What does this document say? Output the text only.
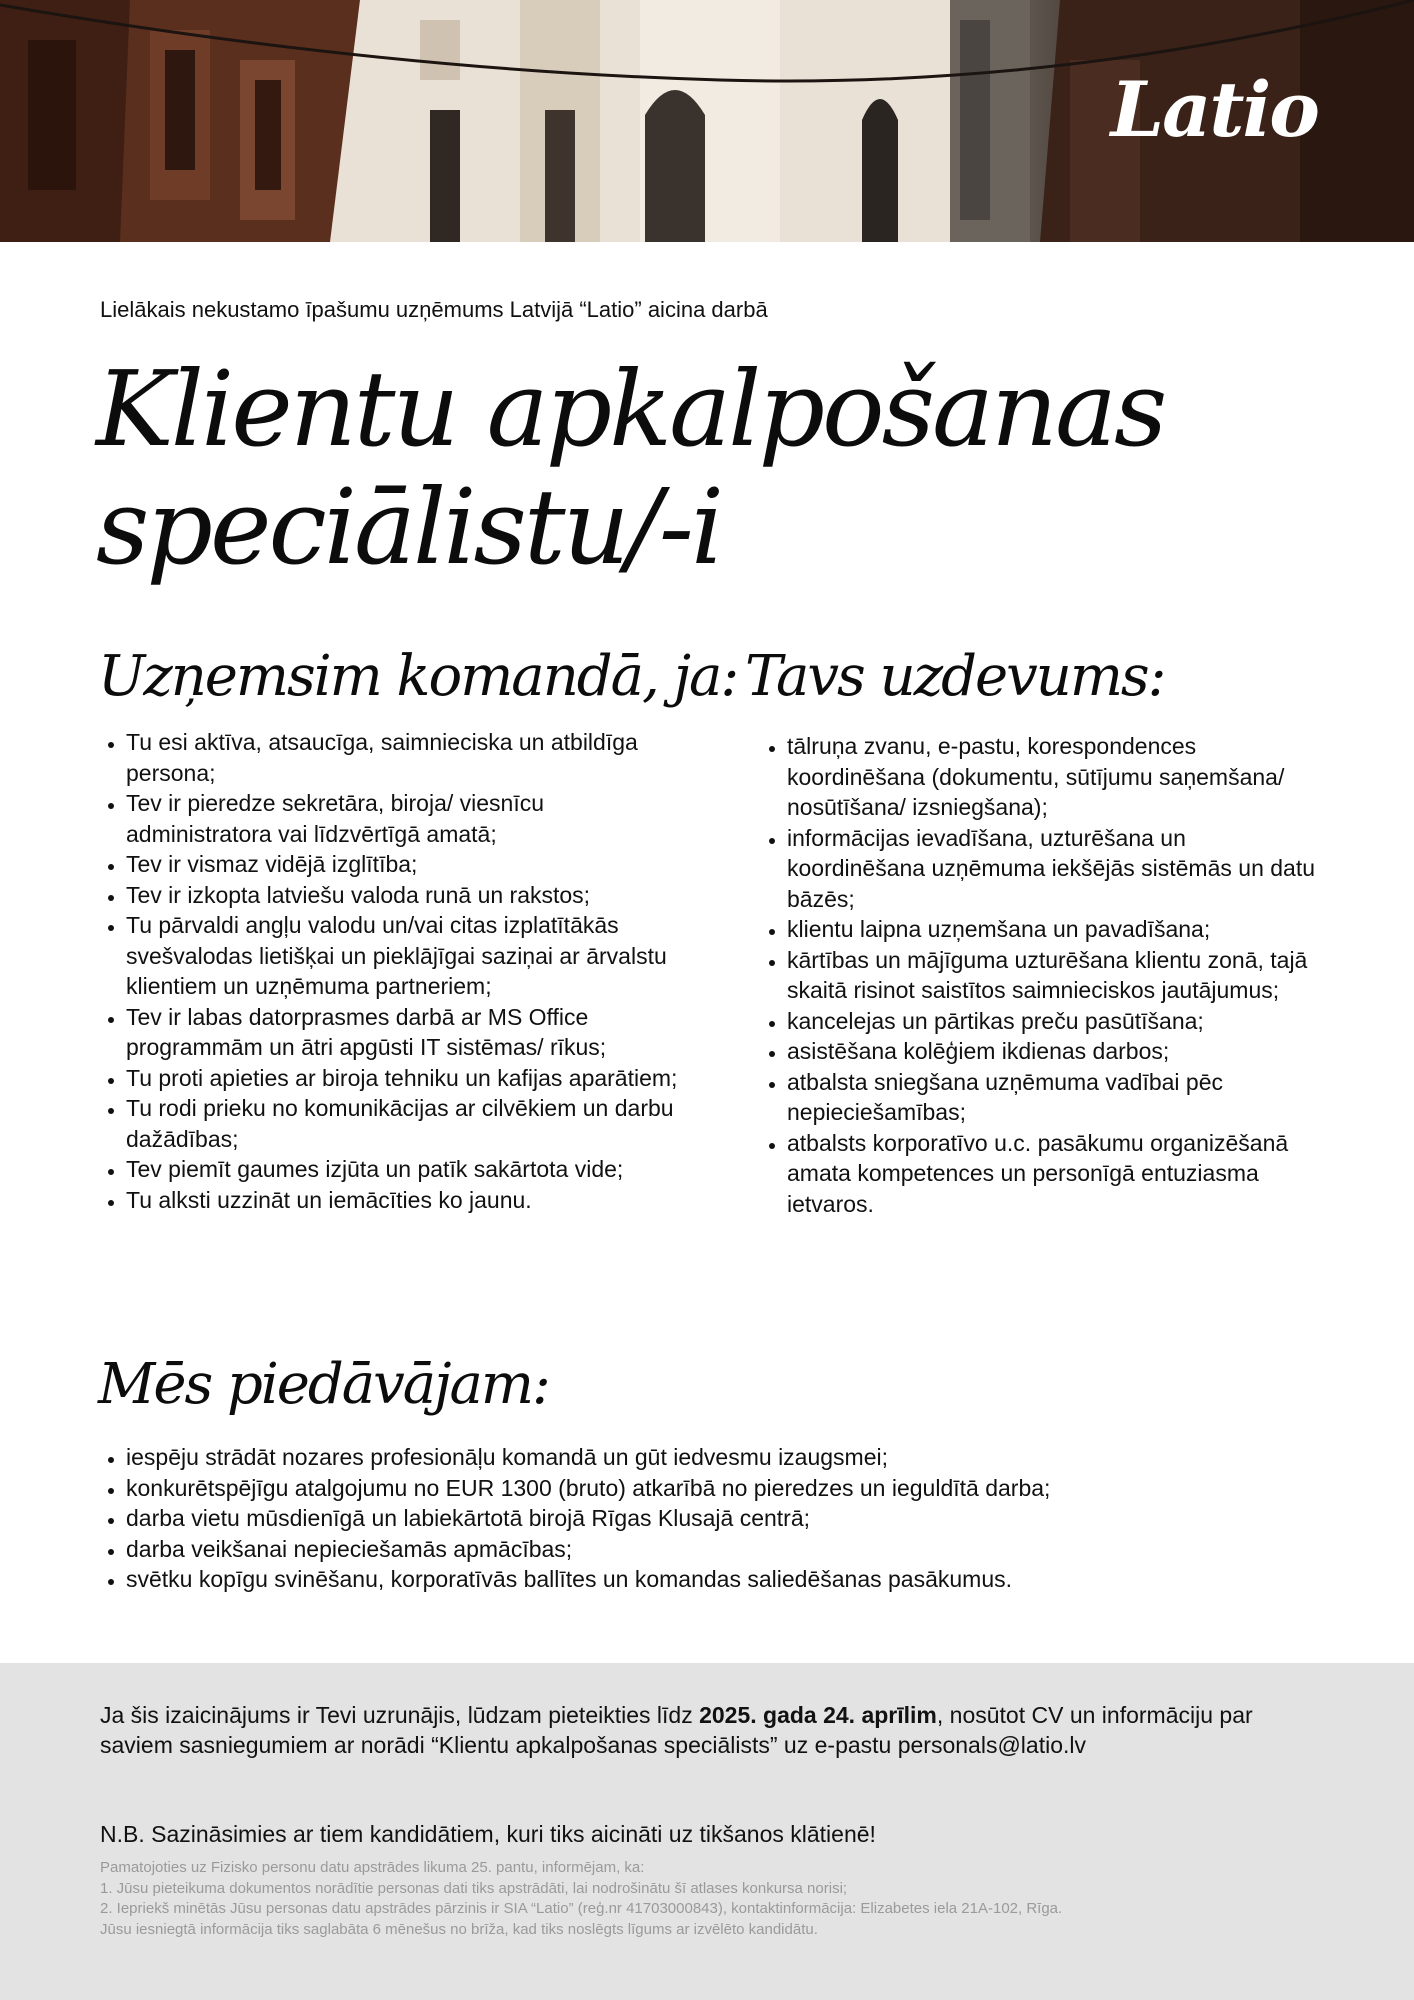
Latio
Lielākais nekustamo īpašumu uzņēmums Latvijā “Latio” aicina darbā
Klientu apkalpošanas
speciālistu/-i
Uzņemsim komandā, ja:
• Tu esi aktīva, atsaucīga, saimnieciska un atbildīga persona;
• Tev ir pieredze sekretāra, biroja/ viesnīcu administratora vai līdzvērtīgā amatā;
• Tev ir vismaz vidējā izglītība;
• Tev ir izkopta latviešu valoda runā un rakstos;
• Tu pārvaldi angļu valodu un/vai citas izplatītākās svešvalodas lietišķai un pieklājīgai saziņai ar ārvalstu klientiem un uzņēmuma partneriem;
• Tev ir labas datorprasmes darbā ar MS Office programmām un ātri apgūsti IT sistēmas/ rīkus;
• Tu proti apieties ar biroja tehniku un kafijas aparātiem;
• Tu rodi prieku no komunikācijas ar cilvēkiem un darbu dažādības;
• Tev piemīt gaumes izjūta un patīk sakārtota vide;
• Tu alksti uzzināt un iemācīties ko jaunu.
Tavs uzdevums:
• tālruņa zvanu, e-pastu, korespondences koordinēšana (dokumentu, sūtījumu saņemšana/ nosūtīšana/ izsniegšana);
• informācijas ievadīšana, uzturēšana un koordinēšana uzņēmuma iekšējās sistēmās un datu bāzēs;
• klientu laipna uzņemšana un pavadīšana;
• kārtības un mājīguma uzturēšana klientu zonā, tajā skaitā risinot saistītos saimnieciskos jautājumus;
• kancelejas un pārtikas preču pasūtīšana;
• asistēšana kolēģiem ikdienas darbos;
• atbalsta sniegšana uzņēmuma vadībai pēc nepieciešamības;
• atbalsts korporatīvo u.c. pasākumu organizēšanā amata kompetences un personīgā entuziasma ietvaros.
Mēs piedāvājam:
• iespēju strādāt nozares profesionāļu komandā un gūt iedvesmu izaugsmei;
• konkurētspējīgu atalgojumu no EUR 1300 (bruto) atkarībā no pieredzes un ieguldītā darba;
• darba vietu mūsdienīgā un labiekārtotā birojā Rīgas Klusajā centrā;
• darba veikšanai nepieciešamās apmācības;
• svētku kopīgu svinēšanu, korporatīvās ballītes un komandas saliedēšanas pasākumus.
Ja šis izaicinājums ir Tevi uzrunājis, lūdzam pieteikties līdz 2025. gada 24. aprīlim, nosūtot CV un informāciju par saviem sasniegumiem ar norādi “Klientu apkalpošanas speciālists” uz e-pastu personals@latio.lv
N.B. Sazināsimies ar tiem kandidātiem, kuri tiks aicināti uz tikšanos klātienē!
Pamatojoties uz Fizisko personu datu apstrādes likuma 25. pantu, informējam, ka:
1. Jūsu pieteikuma dokumentos norādītie personas dati tiks apstrādāti, lai nodrošinātu šī atlases konkursa norisi;
2. Iepriekš minētās Jūsu personas datu apstrādes pārzinis ir SIA “Latio” (reģ.nr 41703000843), kontaktinformācija: Elizabetes iela 21A-102, Rīga.
Jūsu iesniegtā informācija tiks saglabāta 6 mēnešus no brīža, kad tiks noslēgts līgums ar izvēlēto kandidātu.
